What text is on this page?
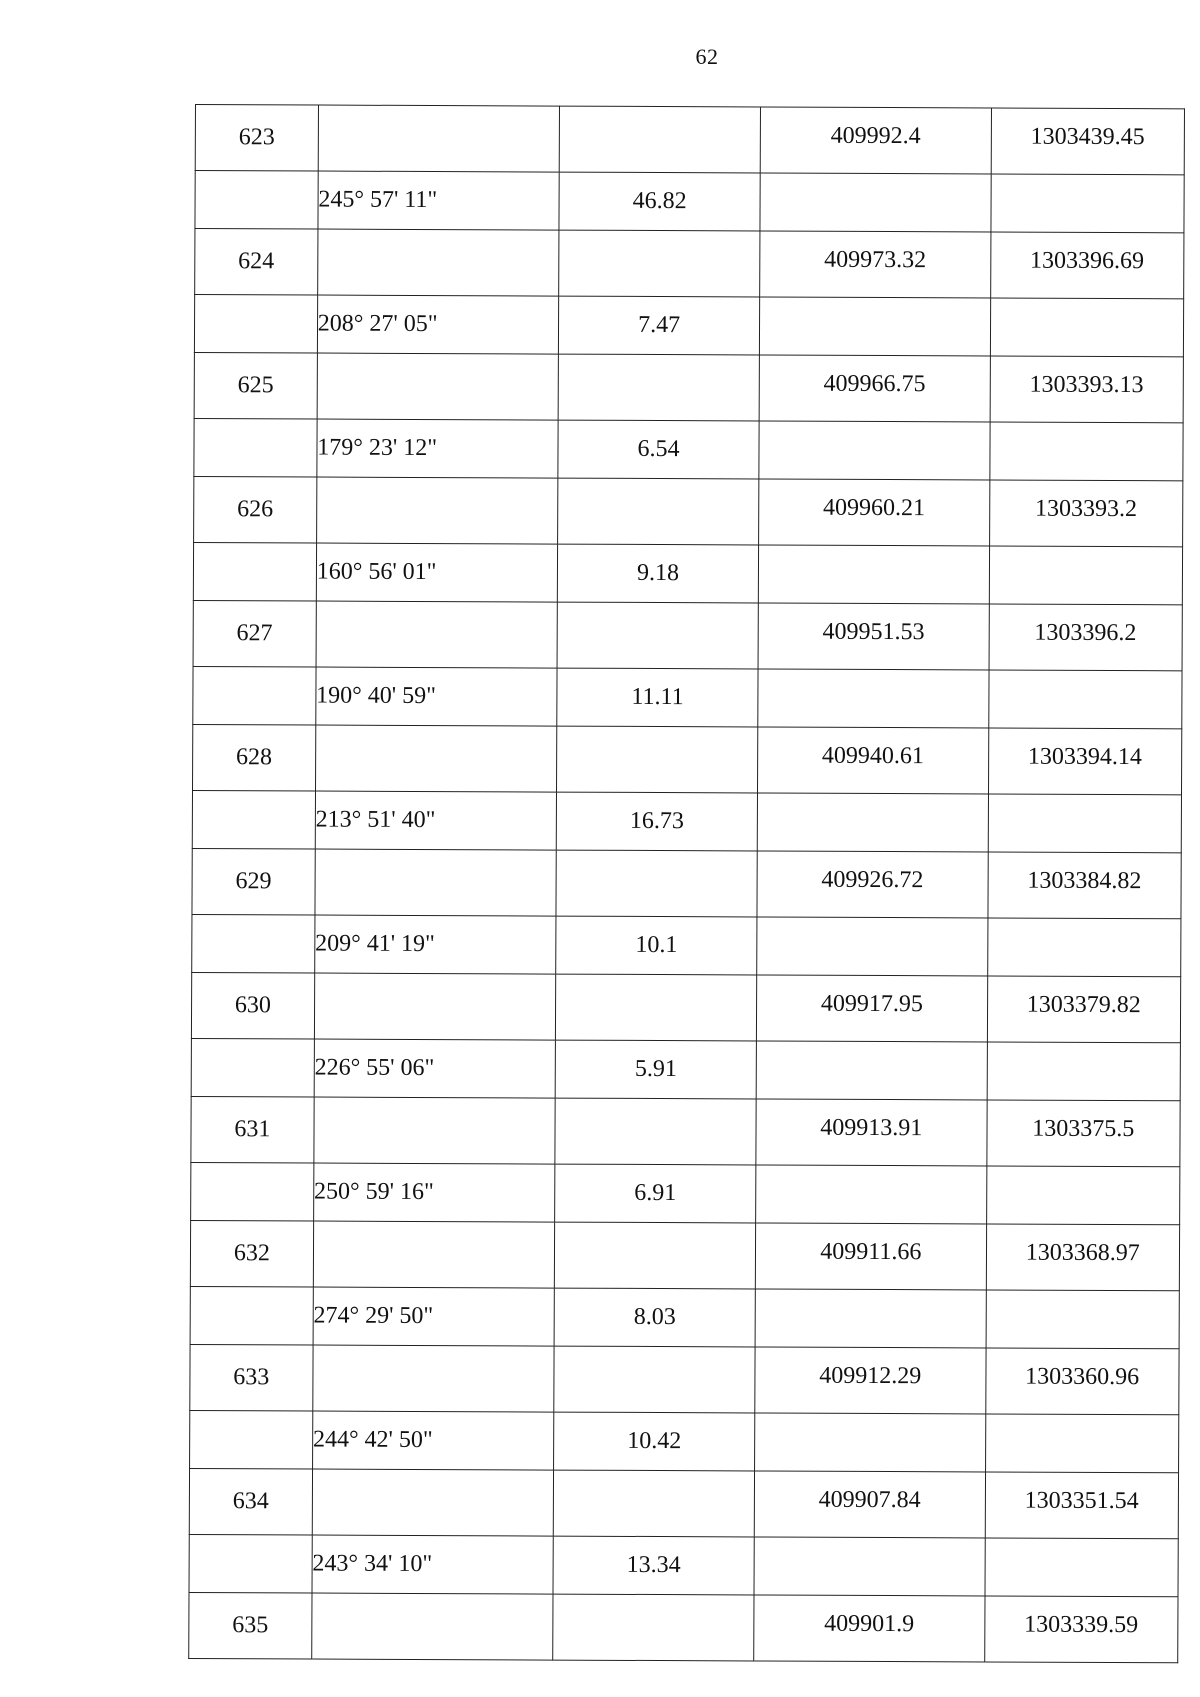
62
623			409992.4	1303439.45
	245° 57' 11"	46.82		
624			409973.32	1303396.69
	208° 27' 05"	7.47		
625			409966.75	1303393.13
	179° 23' 12"	6.54		
626			409960.21	1303393.2
	160° 56' 01"	9.18		
627			409951.53	1303396.2
	190° 40' 59"	11.11		
628			409940.61	1303394.14
	213° 51' 40"	16.73		
629			409926.72	1303384.82
	209° 41' 19"	10.1		
630			409917.95	1303379.82
	226° 55' 06"	5.91		
631			409913.91	1303375.5
	250° 59' 16"	6.91		
632			409911.66	1303368.97
	274° 29' 50"	8.03		
633			409912.29	1303360.96
	244° 42' 50"	10.42		
634			409907.84	1303351.54
	243° 34' 10"	13.34		
635			409901.9	1303339.59
